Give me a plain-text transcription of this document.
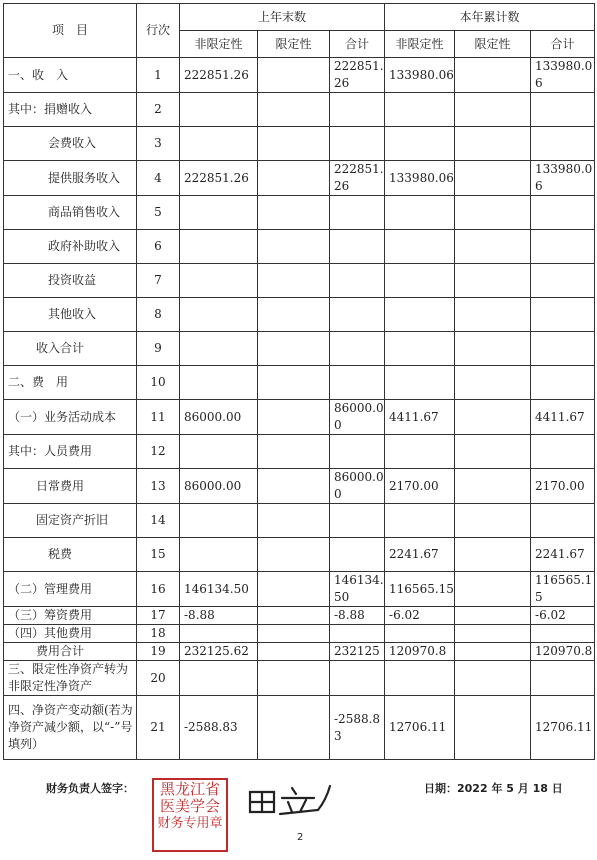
项　目	行次	上年末数			本年累计数		
		非限定性	限定性	合计	非限定性	限定性	合计
一、收　入	1	222851.26		222851.26	133980.06		133980.06
其中：捐赠收入	2						
会费收入	3						
提供服务收入	4	222851.26		222851.26	133980.06		133980.06
商品销售收入	5						
政府补助收入	6						
投资收益	7						
其他收入	8						
收入合计	9						
二、费　用	10						
（一）业务活动成本	11	86000.00		86000.00	4411.67		4411.67
其中：人员费用	12						
日常费用	13	86000.00		86000.00	2170.00		2170.00
固定资产折旧	14						
税费	15				2241.67		2241.67
（二）管理费用	16	146134.50		146134.50	116565.15		116565.15
（三）筹资费用	17	-8.88		-8.88	-6.02		-6.02
（四）其他费用	18						
费用合计	19	232125.62		232125	120970.8		120970.8
三、限定性净资产转为非限定性净资产	20						
四、净资产变动额(若为净资产减少额，以“-”号填列）	21	-2588.83		-2588.83	12706.11		12706.11
财务负责人签字：	黑龙江省
医美学会
财务专用章
日期：2022 年 5 月 18 日
2
